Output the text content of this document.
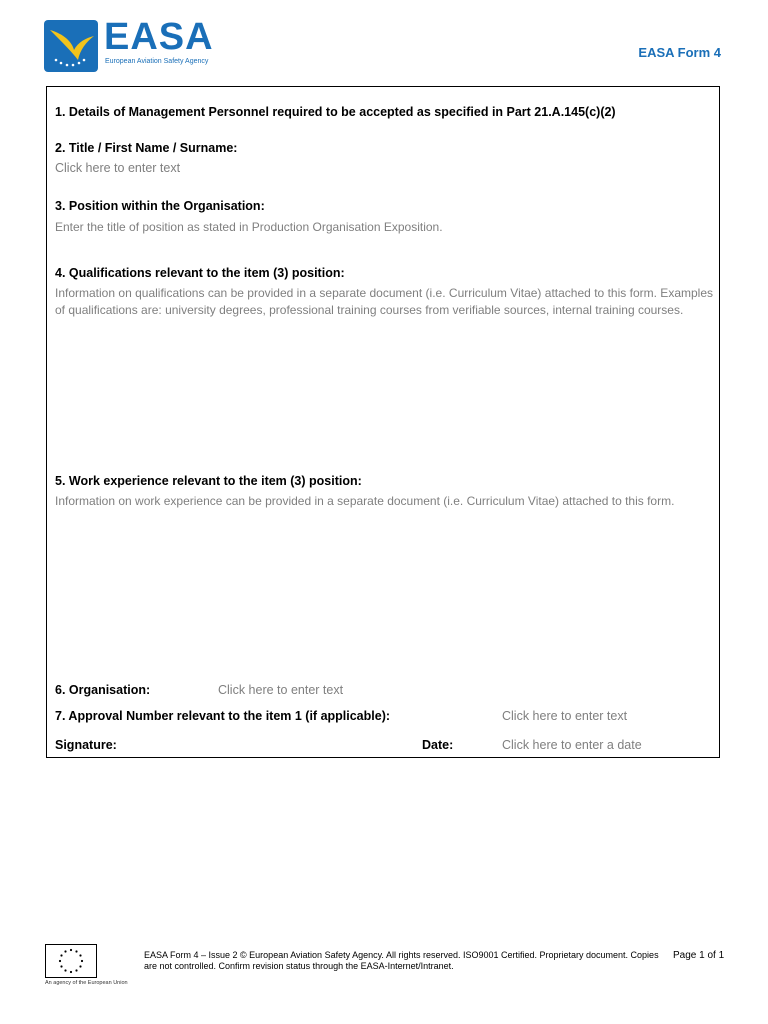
EASA
European Aviation Safety Agency
EASA Form 4
1. Details of Management Personnel required to be accepted as specified in Part 21.A.145(c)(2)
2. Title / First Name / Surname:
Click here to enter text
3. Position within the Organisation:
Enter the title of position as stated in Production Organisation Exposition.
4. Qualifications relevant to the item (3) position:
Information on qualifications can be provided in a separate document (i.e. Curriculum Vitae) attached to this form. Examples of qualifications are: university degrees, professional training courses from verifiable sources, internal training courses.
5. Work experience relevant to the item (3) position:
Information on work experience can be provided in a separate document (i.e. Curriculum Vitae) attached to this form.
6. Organisation:	Click here to enter text
7. Approval Number relevant to the item 1 (if applicable):	Click here to enter text
Signature:	Date:	Click here to enter a date
An agency of the European Union
EASA Form 4 – Issue 2 © European Aviation Safety Agency. All rights reserved. ISO9001 Certified. Proprietary document. Copies are not controlled. Confirm revision status through the EASA-Internet/Intranet.
Page 1 of 1
